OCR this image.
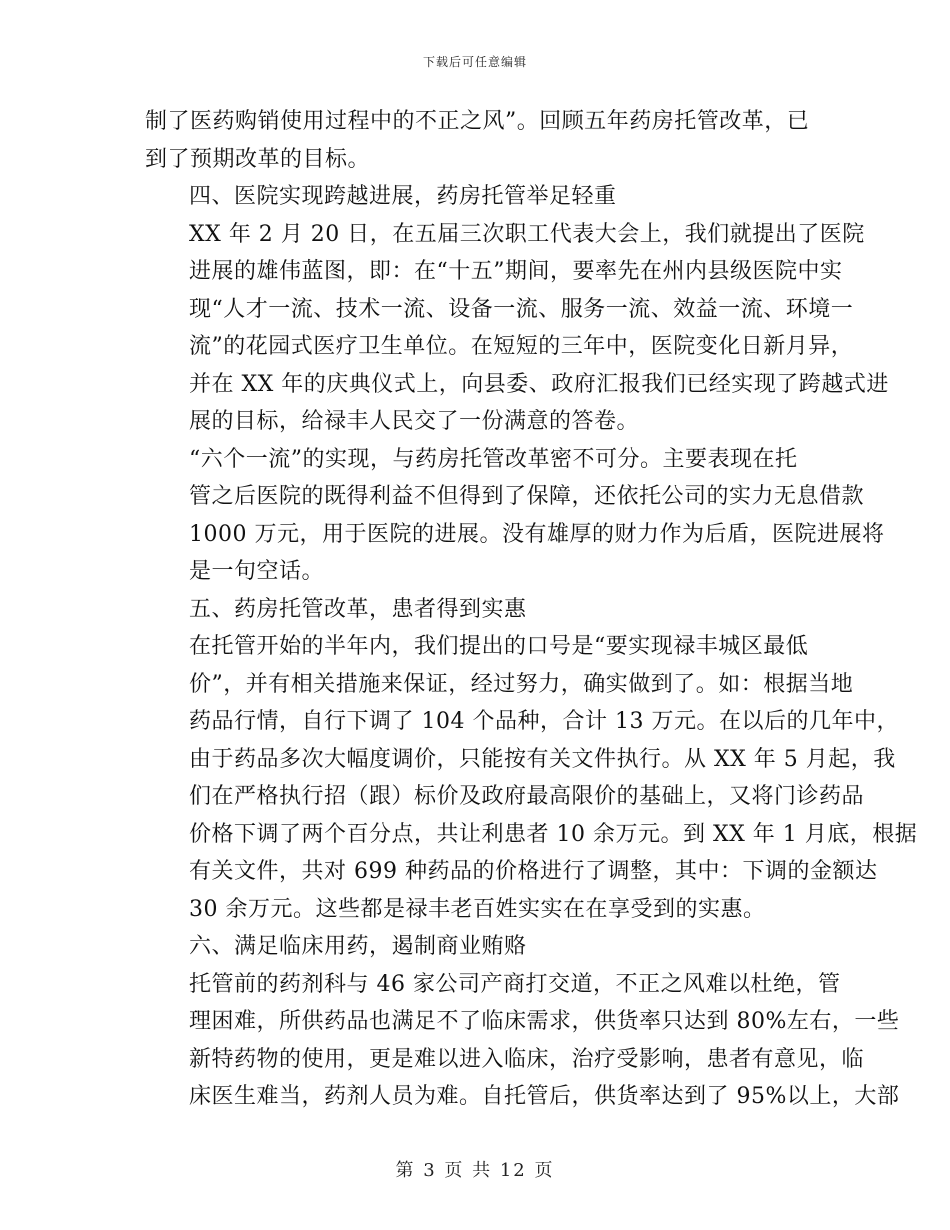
下载后可任意编辑

制了医药购销使用过程中的不正之风”。回顾五年药房托管改革，已
到了预期改革的目标。

四、医院实现跨越进展，药房托管举足轻重

XX 年 2 月 20 日，在五届三次职工代表大会上，我们就提出了医院
进展的雄伟蓝图，即：在“十五”期间，要率先在州内县级医院中实
现“人才一流、技术一流、设备一流、服务一流、效益一流、环境一
流”的花园式医疗卫生单位。在短短的三年中，医院变化日新月异，
并在 XX 年的庆典仪式上，向县委、政府汇报我们已经实现了跨越式进
展的目标，给禄丰人民交了一份满意的答卷。

“六个一流”的实现，与药房托管改革密不可分。主要表现在托
管之后医院的既得利益不但得到了保障，还依托公司的实力无息借款
1000 万元，用于医院的进展。没有雄厚的财力作为后盾，医院进展将
是一句空话。

五、药房托管改革，患者得到实惠

在托管开始的半年内，我们提出的口号是“要实现禄丰城区最低
价”，并有相关措施来保证，经过努力，确实做到了。如：根据当地
药品行情，自行下调了 104 个品种，合计 13 万元。在以后的几年中，
由于药品多次大幅度调价，只能按有关文件执行。从 XX 年 5 月起，我
们在严格执行招（跟）标价及政府最高限价的基础上，又将门诊药品
价格下调了两个百分点，共让利患者 10 余万元。到 XX 年 1 月底，根据
有关文件，共对 699 种药品的价格进行了调整，其中：下调的金额达
30 余万元。这些都是禄丰老百姓实实在在享受到的实惠。

六、满足临床用药，遏制商业贿赂

托管前的药剂科与 46 家公司产商打交道，不正之风难以杜绝，管
理困难，所供药品也满足不了临床需求，供货率只达到 80%左右，一些
新特药物的使用，更是难以进入临床，治疗受影响，患者有意见，临
床医生难当，药剂人员为难。自托管后，供货率达到了 95%以上，大部

第 3 页 共 12 页
